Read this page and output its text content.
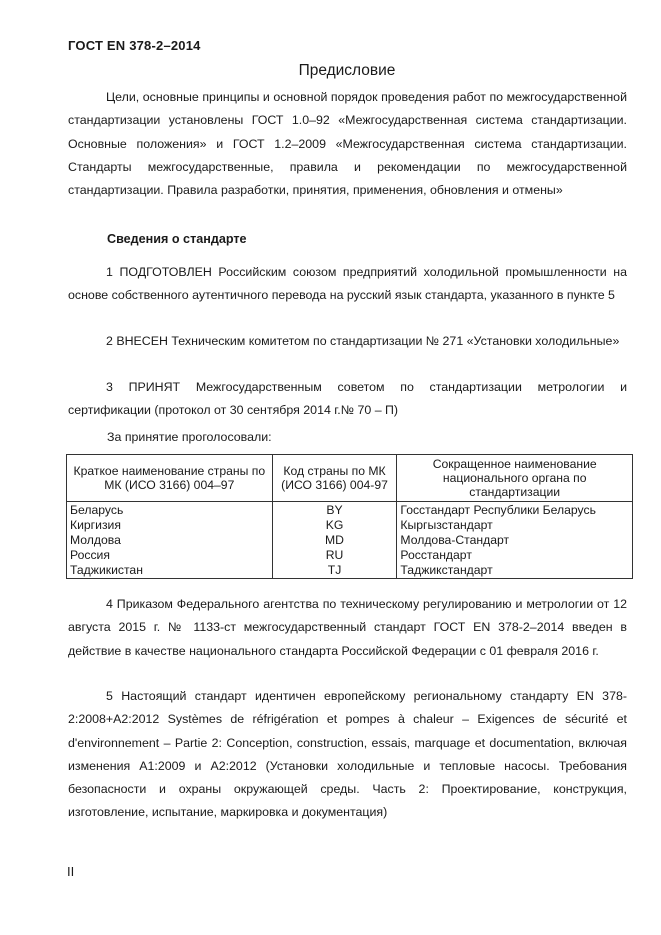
ГОСТ EN 378-2–2014
Предисловие

Цели, основные принципы и основной порядок проведения работ по межгосударственной стандартизации установлены ГОСТ 1.0–92 «Межгосударственная система стандартизации. Основные положения» и ГОСТ 1.2–2009 «Межгосударственная система стандартизации. Стандарты межгосударственные, правила и рекомендации по межгосударственной стандартизации. Правила разработки, принятия, применения, обновления и отмены»

Сведения о стандарте

1 ПОДГОТОВЛЕН Российским союзом предприятий холодильной промышленности на основе собственного аутентичного перевода на русский язык стандарта, указанного в пункте 5

2 ВНЕСЕН Техническим комитетом по стандартизации № 271 «Установки холодильные»

3 ПРИНЯТ Межгосударственным советом по стандартизации метрологии и сертификации (протокол от 30 сентября 2014 г.№ 70 – П)

За принятие проголосовали:
Краткое наименование страны по МК (ИСО 3166) 004–97	Код страны по МК (ИСО 3166) 004-97	Сокращенное наименование национального органа по стандартизации
Беларусь	BY	Госстандарт Республики Беларусь
Киргизия	KG	Кыргызстандарт
Молдова	MD	Молдова-Стандарт
Россия	RU	Росстандарт
Таджикистан	TJ	Таджикстандарт

4 Приказом Федерального агентства по техническому регулированию и метрологии от 12 августа 2015 г. № 1133-ст межгосударственный стандарт ГОСТ EN 378-2–2014 введен в действие в качестве национального стандарта Российской Федерации с 01 февраля 2016 г.

5 Настоящий стандарт идентичен европейскому региональному стандарту EN 378-2:2008+A2:2012 Systèmes de réfrigération et pompes à chaleur – Exigences de sécurité et d'environnement – Partie 2: Conception, construction, essais, marquage et documentation, включая изменения А1:2009 и А2:2012 (Установки холодильные и тепловые насосы. Требования безопасности и охраны окружающей среды. Часть 2: Проектирование, конструкция, изготовление, испытание, маркировка и документация)

II
